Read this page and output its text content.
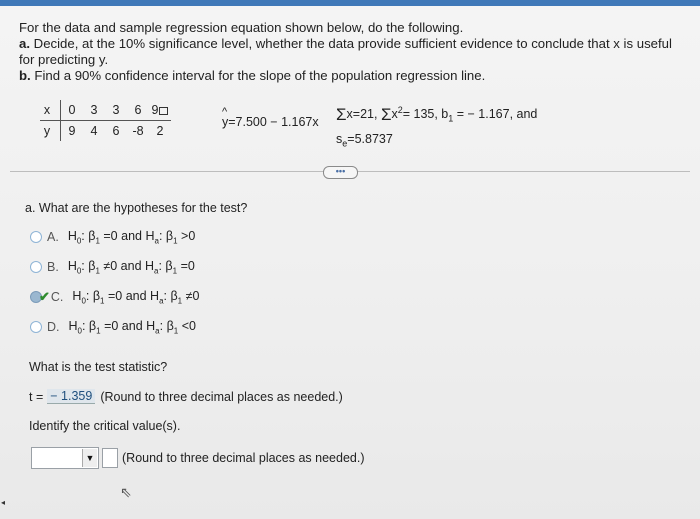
For the data and sample regression equation shown below, do the following.

a. Decide, at the 10% significance level, whether the data provide sufficient evidence to conclude that x is useful for predicting y.

b. Find a 90% confidence interval for the slope of the population regression line.

x	0	3	3	6	9
y	9	4	6	-8	2
^
y=7.500 − 1.167x Σx=21, $\Sigma x^2= 135$, $b_1$ = − 1.167, and
$s_e=5.8737$
•••
a. What are the hypotheses for the test?
A. $H_0$: $\beta_1 =0$ and $H_a$: $\beta_1 >0$
B. $H_0$: $\beta_1 \ne 0$ and $H_a$: $\beta_1 =0$
✔ C. $H_0$: $\beta_1 =0$ and $H_a$: $\beta_1 \ne 0$
D. $H_0$: $\beta_1 =0$ and $H_a$: $\beta_1 <0$
What is the test statistic?
t = − 1.359 (Round to three decimal places as needed.)
Identify the critical value(s).
▼ (Round to three decimal places as needed.)
⇖
◂
